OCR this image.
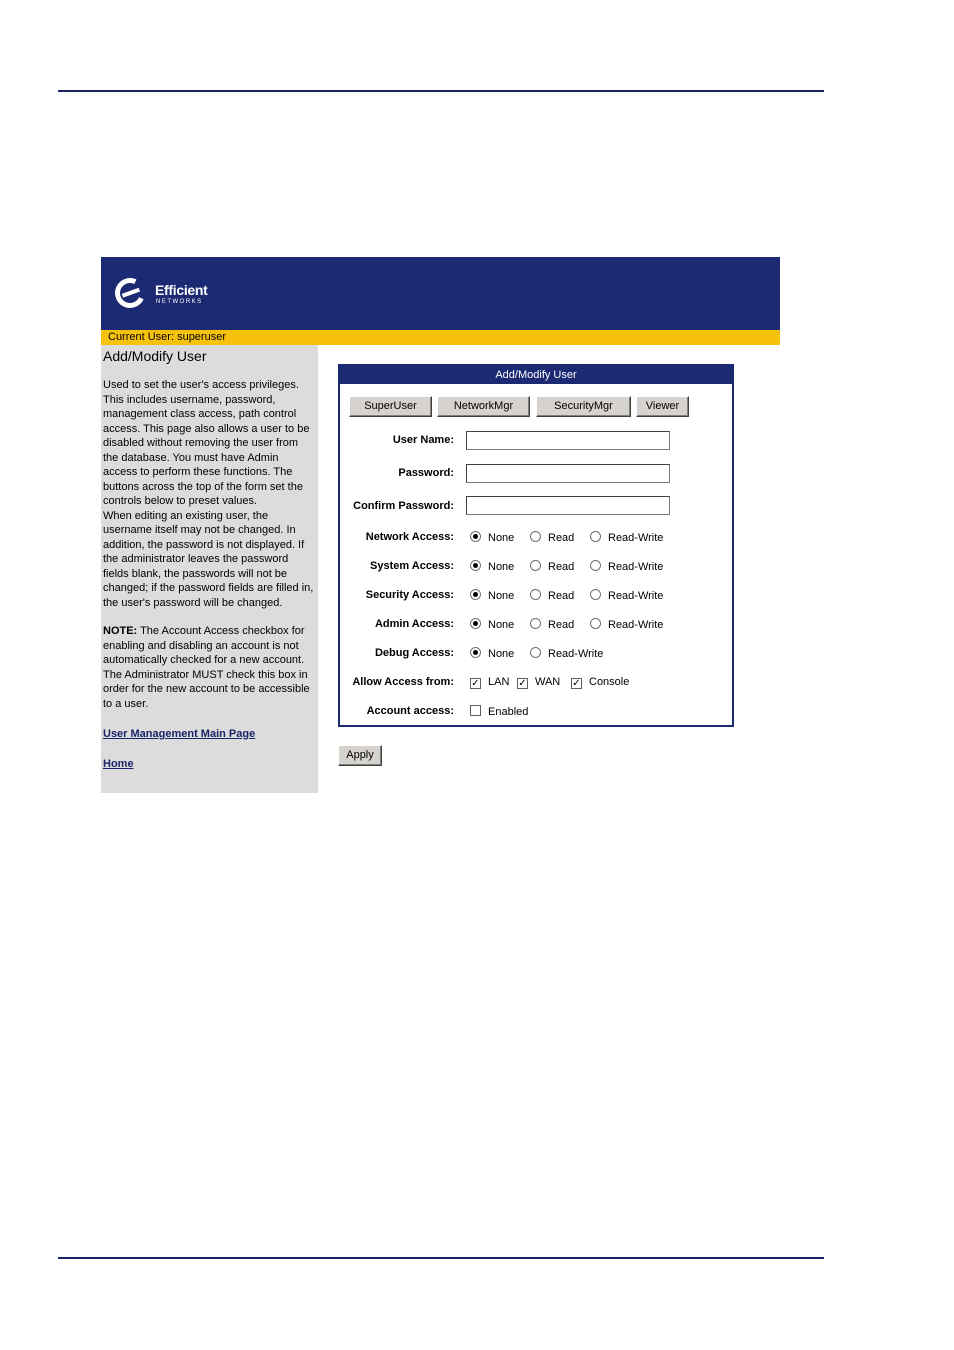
Efficient
NETWORKS
Current User: superuser
Add/Modify User

Used to set the user's access privileges. This includes username, password, management class access, path control access. This page also allows a user to be disabled without removing the user from the database. You must have Admin access to perform these functions. The buttons across the top of the form set the controls below to preset values.

When editing an existing user, the username itself may not be changed. In addition, the password is not displayed. If the administrator leaves the password fields blank, the passwords will not be changed; if the password fields are filled in, the user's password will be changed.

NOTE: The Account Access checkbox for enabling and disabling an account is not automatically checked for a new account. The Administrator MUST check this box in order for the new account to be accessible to a user.

User Management Main Page
Home
Add/Modify User
SuperUser	NetworkMgr	SecurityMgr	Viewer
User Name:
Password:
Confirm Password:
Network Access:	None	Read	Read-Write
System Access:	None	Read	Read-Write
Security Access:	None	Read	Read-Write
Admin Access:	None	Read	Read-Write
Debug Access:	None	Read-Write
Allow Access from: ✓ LAN ✓ WAN ✓ Console
Account access:	Enabled
Apply
